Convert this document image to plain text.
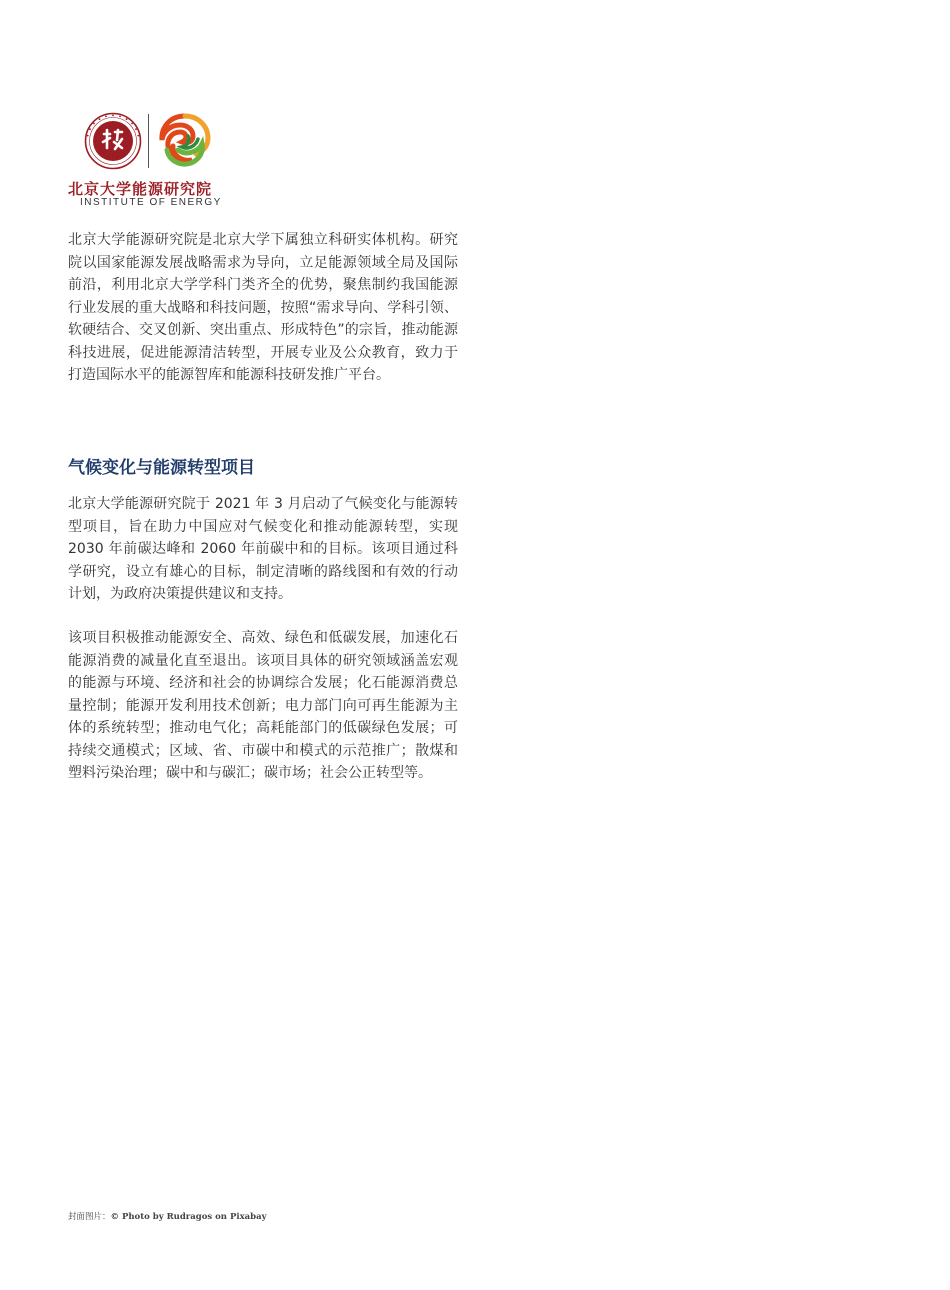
北京大学能源研究院
INSTITUTE OF ENERGY

北京大学能源研究院是北京大学下属独立科研实体机构。研究院以国家能源发展战略需求为导向，立足能源领域全局及国际前沿，利用北京大学学科门类齐全的优势，聚焦制约我国能源行业发展的重大战略和科技问题，按照“需求导向、学科引领、软硬结合、交叉创新、突出重点、形成特色”的宗旨，推动能源科技进展，促进能源清洁转型，开展专业及公众教育，致力于打造国际水平的能源智库和能源科技研发推广平台。

气候变化与能源转型项目

北京大学能源研究院于 2021 年 3 月启动了气候变化与能源转型项目，旨在助力中国应对气候变化和推动能源转型，实现 2030 年前碳达峰和 2060 年前碳中和的目标。该项目通过科学研究，设立有雄心的目标，制定清晰的路线图和有效的行动计划，为政府决策提供建议和支持。

该项目积极推动能源安全、高效、绿色和低碳发展，加速化石能源消费的减量化直至退出。该项目具体的研究领域涵盖宏观的能源与环境、经济和社会的协调综合发展；化石能源消费总量控制；能源开发利用技术创新；电力部门向可再生能源为主体的系统转型；推动电气化；高耗能部门的低碳绿色发展；可持续交通模式；区域、省、市碳中和模式的示范推广；散煤和塑料污染治理；碳中和与碳汇；碳市场；社会公正转型等。

封面图片：© Photo by Rudragos on Pixabay
